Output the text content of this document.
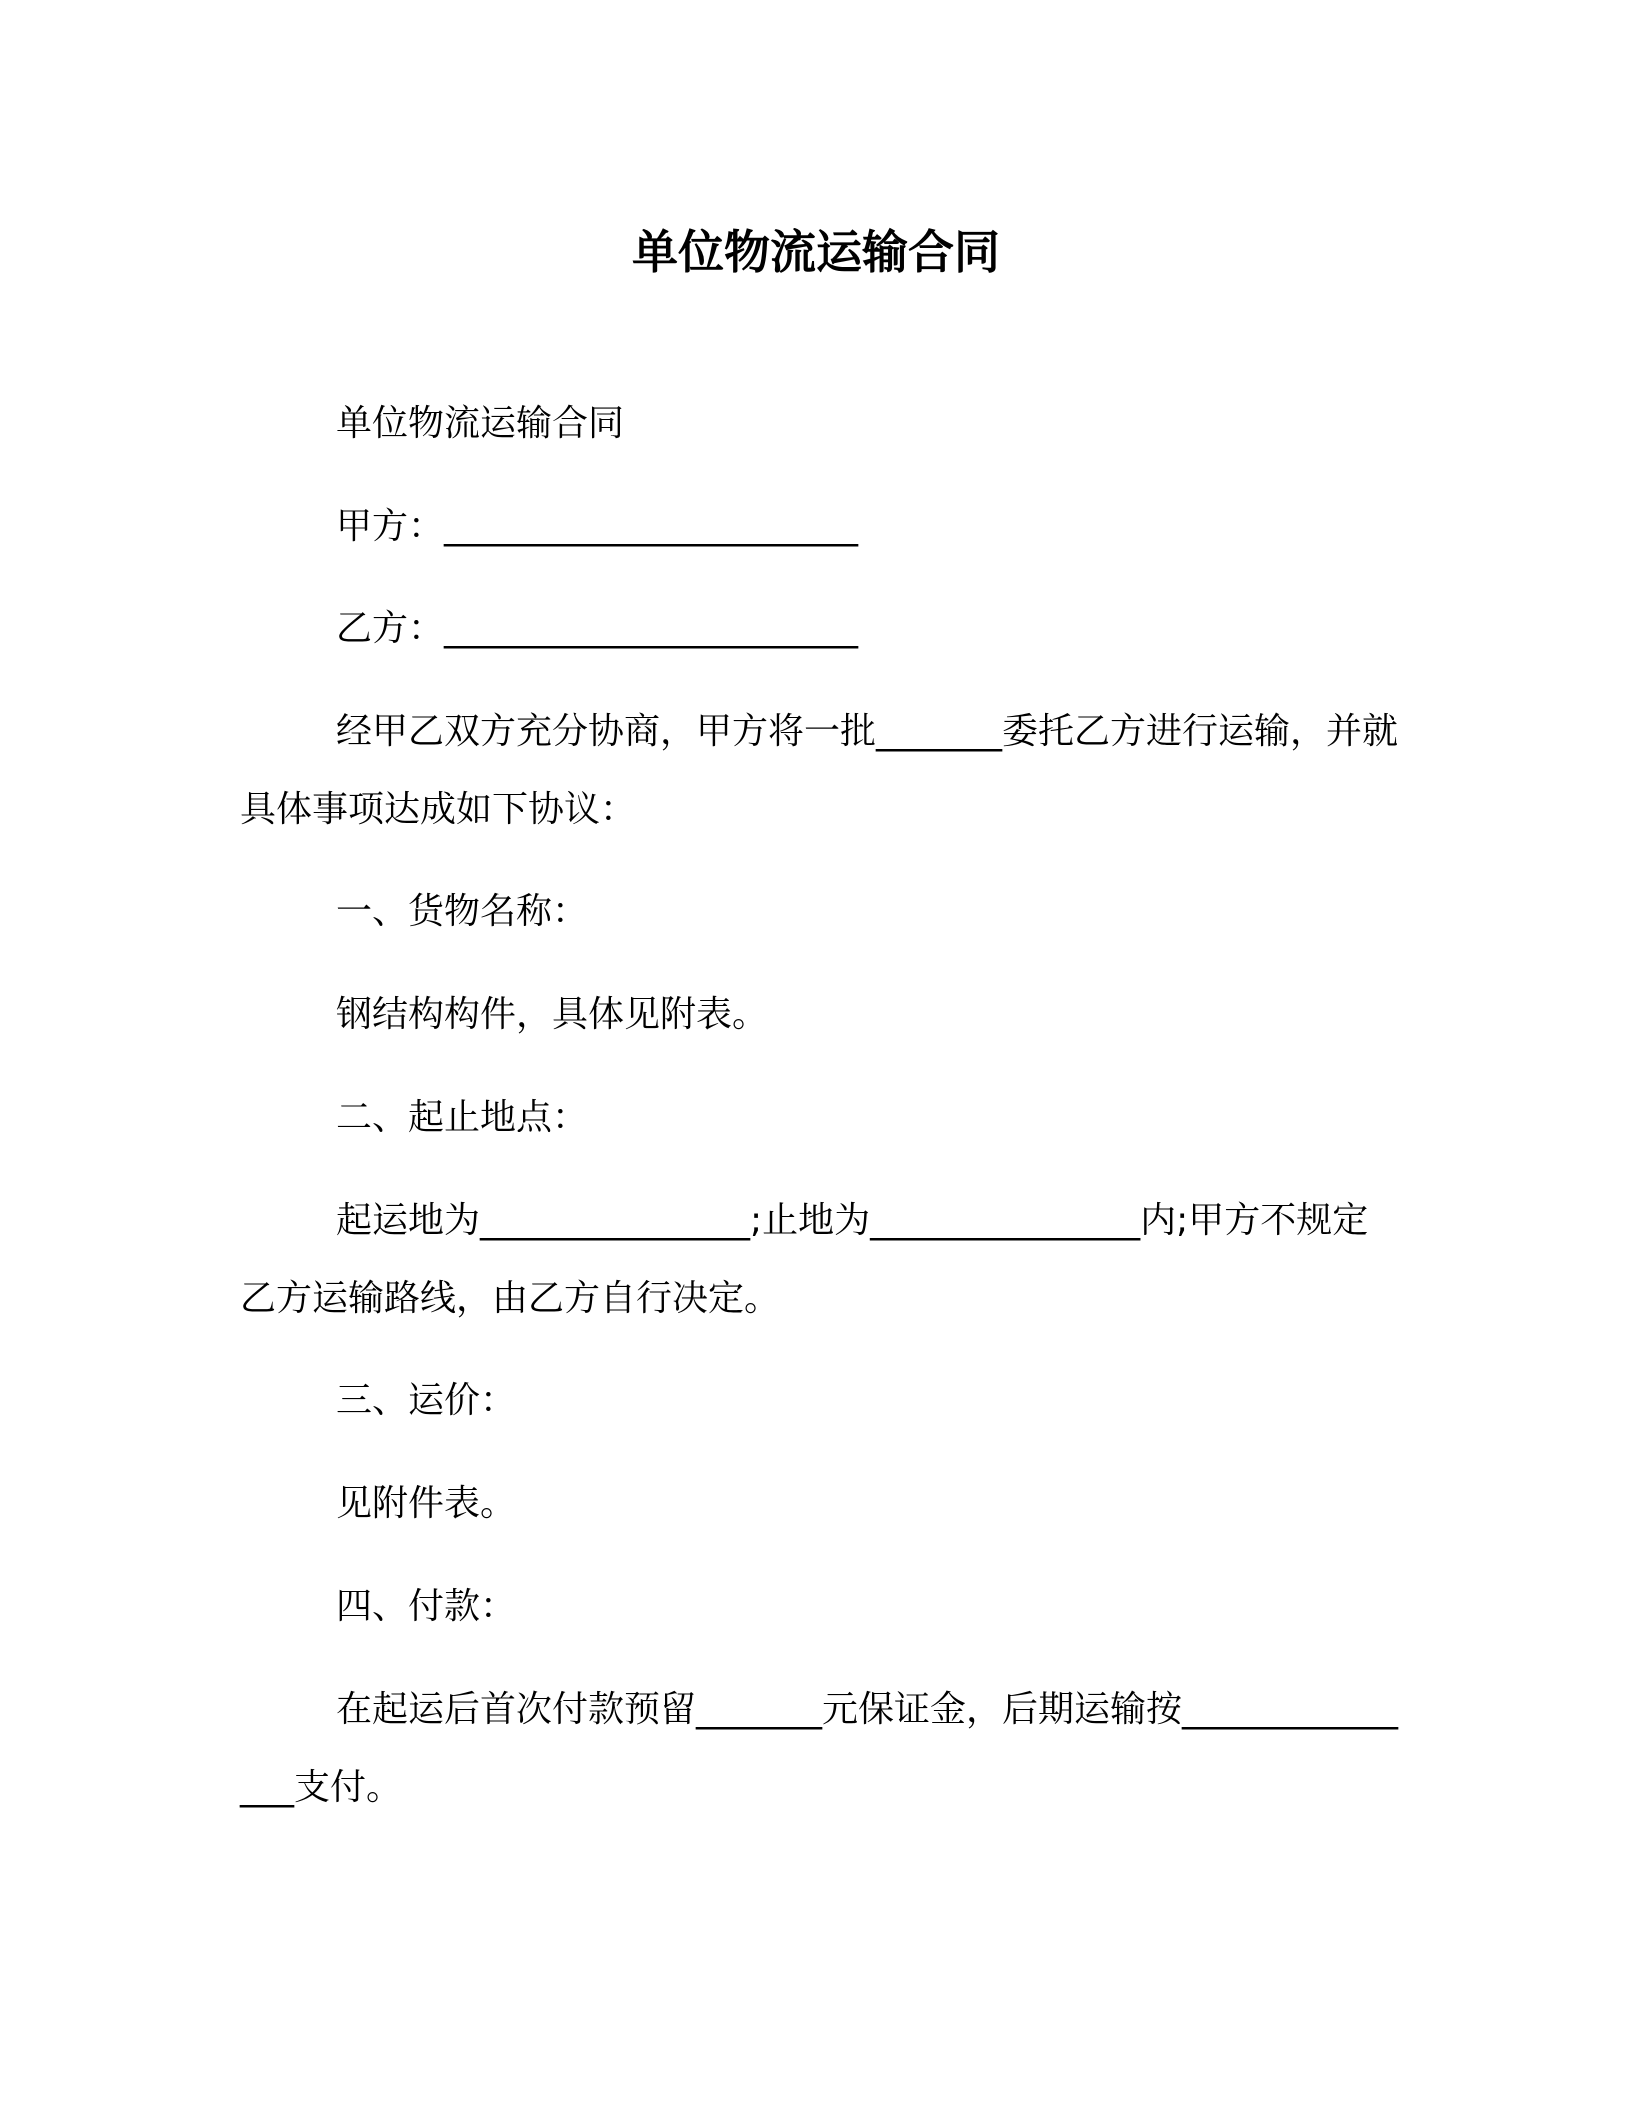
单位物流运输合同

单位物流运输合同

甲方：_______________________

乙方：_______________________

经甲乙双方充分协商，甲方将一批_______委托乙方进行运输，并就具体事项达成如下协议：

一、货物名称：

钢结构构件，具体见附表。

二、起止地点：

起运地为_______________;止地为_______________内;甲方不规定乙方运输路线，由乙方自行决定。

三、运价：

见附件表。

四、付款：

在起运后首次付款预留_______元保证金，后期运输按_______________支付。
